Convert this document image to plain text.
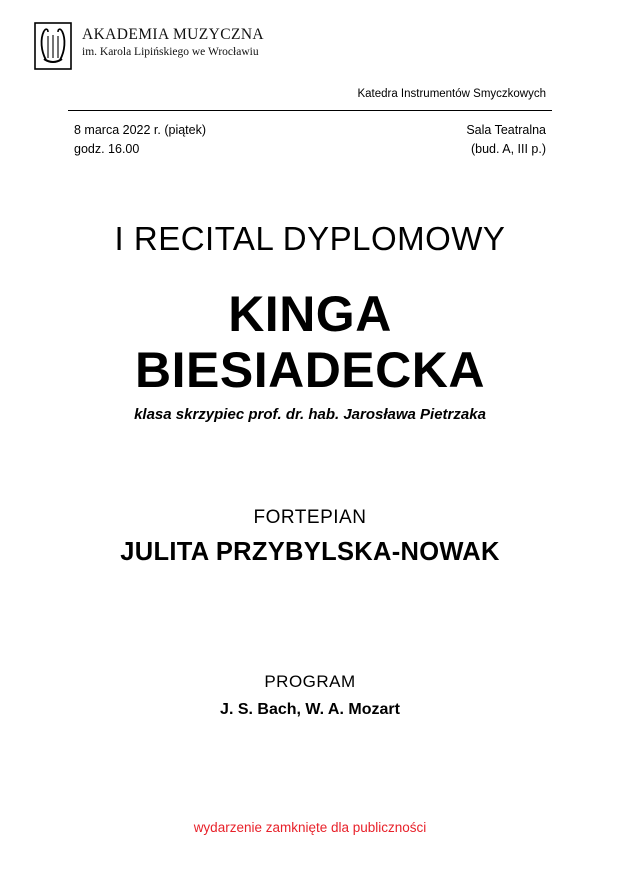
AKADEMIA MUZYCZNA
im. Karola Lipińskiego we Wrocławiu
Katedra Instrumentów Smyczkowych
8 marca 2022 r. (piątek)
godz. 16.00
Sala Teatralna
(bud. A, III p.)
I RECITAL DYPLOMOWY
KINGA
BIESIADECKA
klasa skrzypiec prof. dr. hab. Jarosława Pietrzaka
FORTEPIAN
JULITA PRZYBYLSKA-NOWAK
PROGRAM
J. S. Bach, W. A. Mozart
wydarzenie zamknięte dla publiczności
